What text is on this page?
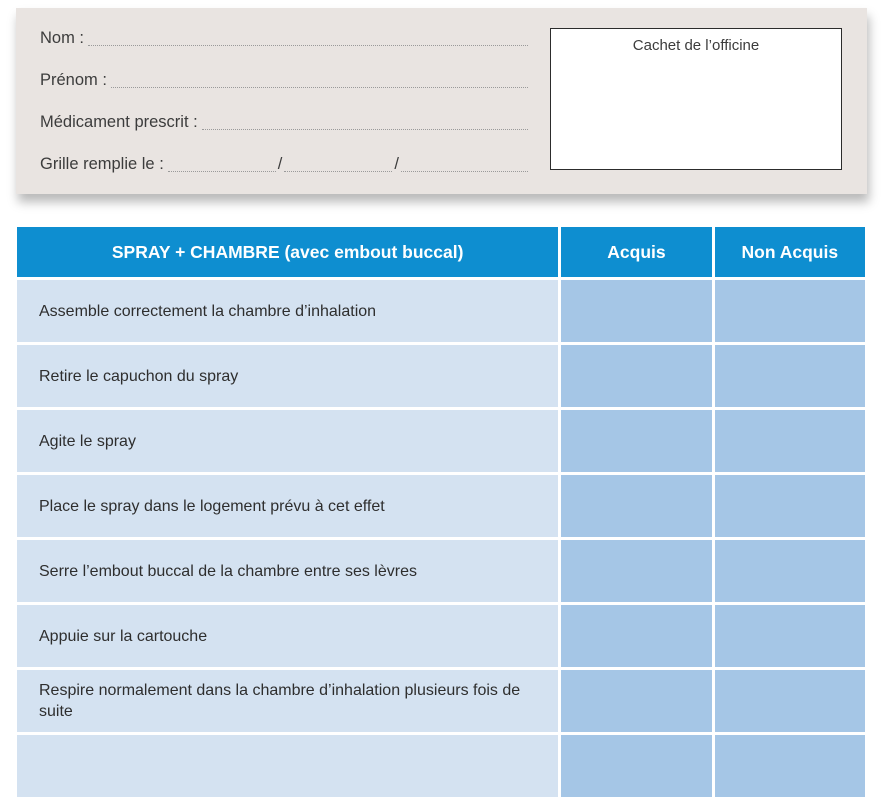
Nom :
Prénom :
Médicament prescrit :
Grille remplie le :	/	/
Cachet de l’officine
SPRAY + CHAMBRE (avec embout buccal)	Acquis	Non Acquis
Assemble correctement la chambre d’inhalation		
Retire le capuchon du spray		
Agite le spray		
Place le spray dans le logement prévu à cet effet		
Serre l’embout buccal de la chambre entre ses lèvres		
Appuie sur la cartouche		
Respire normalement dans la chambre d’inhalation plusieurs fois de suite		
